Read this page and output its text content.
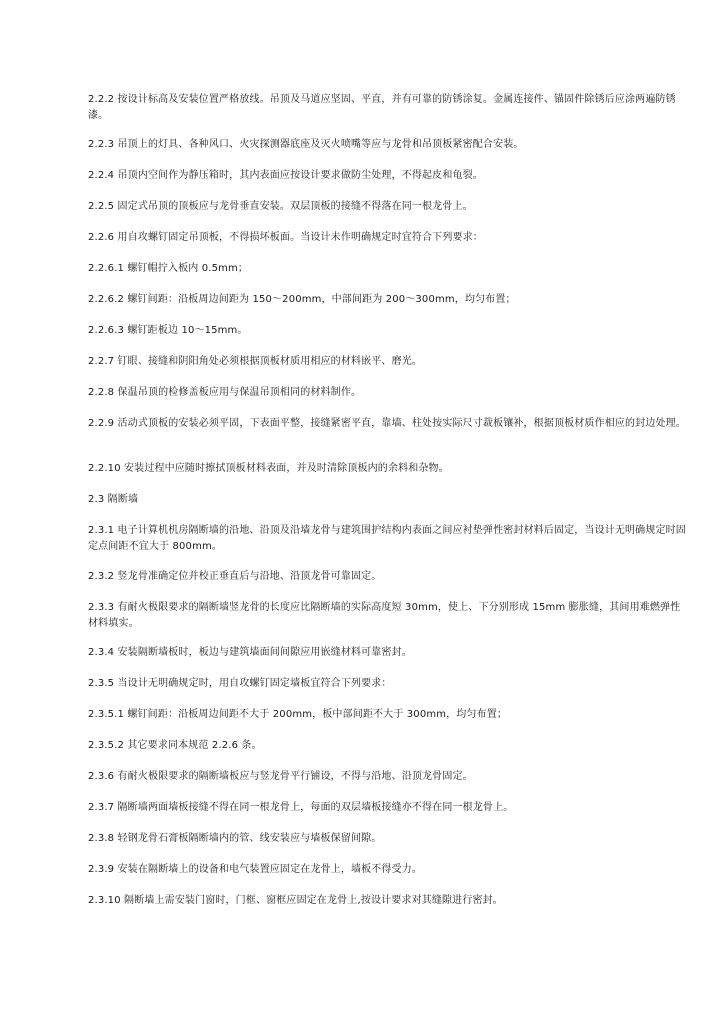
2.2.2 按设计标高及安装位置严格放线。吊顶及马道应坚固、平直，并有可靠的防锈涂复。金属连接件、锚固件除锈后应涂两遍防锈漆。

2.2.3 吊顶上的灯具、各种风口、火灾探测器底座及灭火喷嘴等应与龙骨和吊顶板紧密配合安装。

2.2.4 吊顶内空间作为静压箱时，其内表面应按设计要求做防尘处理，不得起皮和龟裂。

2.2.5 固定式吊顶的顶板应与龙骨垂直安装。双层顶板的接缝不得落在同一根龙骨上。

2.2.6 用自攻螺钉固定吊顶板，不得损坏板面。当设计未作明确规定时宜符合下列要求：

2.2.6.1 螺钉帽拧入板内 0.5mm；

2.2.6.2 螺钉间距：沿板周边间距为 150～200mm，中部间距为 200～300mm，均匀布置；

2.2.6.3 螺钉距板边 10～15mm。

2.2.7 钉眼、接缝和阴阳角处必须根据顶板材质用相应的材料嵌平、磨光。

2.2.8 保温吊顶的检修盖板应用与保温吊顶相同的材料制作。

2.2.9 活动式顶板的安装必须平固，下表面平整，接缝紧密平直，靠墙、柱处按实际尺寸裁板镶补，根据顶板材质作相应的封边处理。

2.2.10 安装过程中应随时擦拭顶板材料表面，并及时清除顶板内的余料和杂物。

2.3 隔断墙

2.3.1 电子计算机机房隔断墙的沿地、沿顶及沿墙龙骨与建筑围护结构内表面之间应衬垫弹性密封材料后固定，当设计无明确规定时固定点间距不宜大于 800mm。

2.3.2 竖龙骨准确定位并校正垂直后与沿地、沿顶龙骨可靠固定。

2.3.3 有耐火极限要求的隔断墙竖龙骨的长度应比隔断墙的实际高度短 30mm，使上、下分别形成 15mm 膨胀缝，其间用难燃弹性材料填实。

2.3.4 安装隔断墙板时，板边与建筑墙面间间隙应用嵌缝材料可靠密封。

2.3.5 当设计无明确规定时，用自攻螺钉固定墙板宜符合下列要求：

2.3.5.1 螺钉间距：沿板周边间距不大于 200mm，板中部间距不大于 300mm，均匀布置；

2.3.5.2 其它要求同本规范 2.2.6 条。

2.3.6 有耐火极限要求的隔断墙板应与竖龙骨平行铺设，不得与沿地、沿顶龙骨固定。

2.3.7 隔断墙两面墙板接缝不得在同一根龙骨上，每面的双层墙板接缝亦不得在同一根龙骨上。

2.3.8 轻钢龙骨石膏板隔断墙内的管、线安装应与墙板保留间隙。

2.3.9 安装在隔断墙上的设备和电气装置应固定在龙骨上，墙板不得受力。

2.3.10 隔断墙上需安装门窗时，门框、窗框应固定在龙骨上,按设计要求对其缝隙进行密封。
